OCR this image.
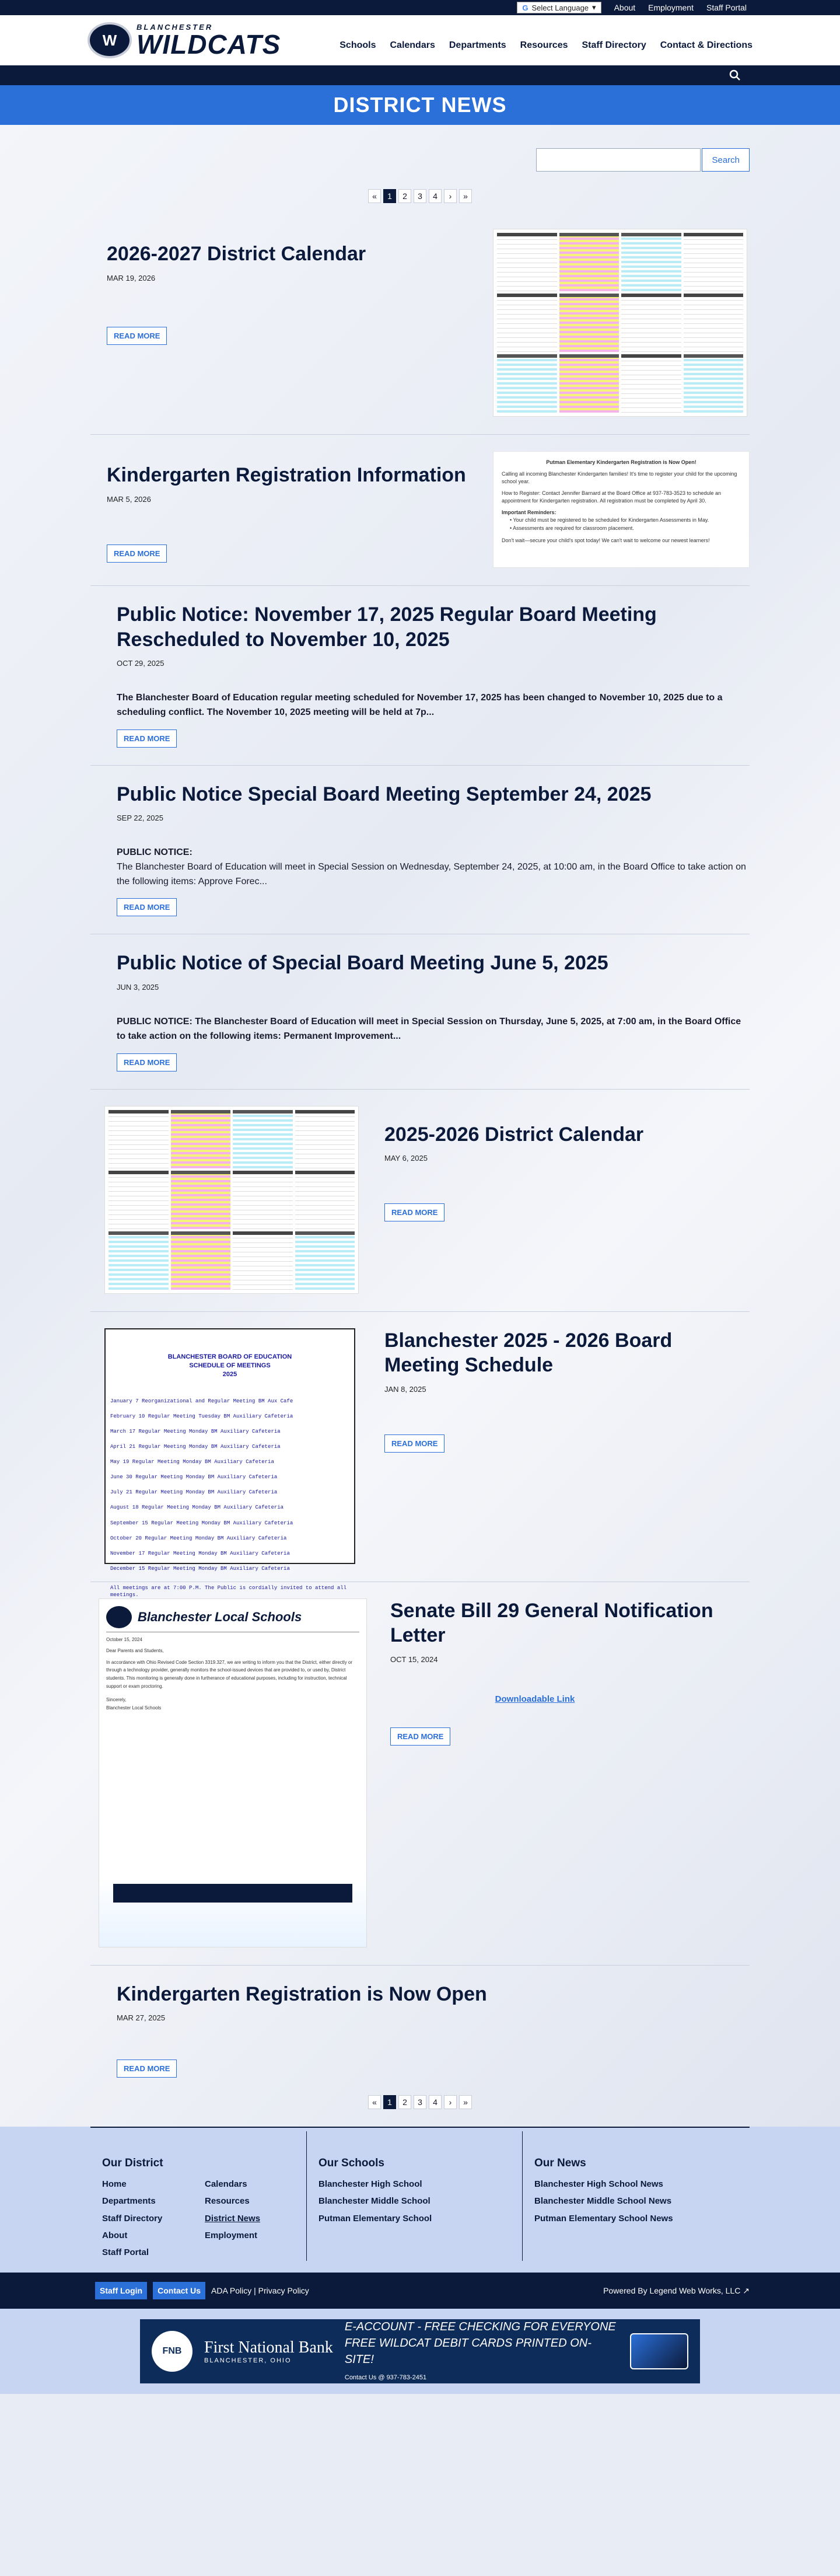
G Select Language ▾ About Employment Staff Portal
W
BLANCHESTER
WILDCATS	Schools Calendars Departments Resources Staff Directory Contact & Directions
DISTRICT NEWS
Search
«	1	2	3	4	›	»
2026-2027 District Calendar
MAR 19, 2026
READ MORE
Kindergarten Registration Information
MAR 5, 2026
READ MORE
Putman Elementary Kindergarten Registration is Now Open!
Calling all incoming Blanchester Kindergarten families! It's time to register your child for the upcoming school year.
How to Register: Contact Jennifer Barnard at the Board Office at 937-783-3523 to schedule an appointment for Kindergarten registration. All registration must be completed by April 30.
Important Reminders:
• Your child must be registered to be scheduled for Kindergarten Assessments in May.
• Assessments are required for classroom placement.
Don't wait—secure your child's spot today! We can't wait to welcome our newest learners!
Public Notice: November 17, 2025 Regular Board Meeting Rescheduled to November 10, 2025
OCT 29, 2025
The Blanchester Board of Education regular meeting scheduled for November 17, 2025 has been changed to November 10, 2025 due to a scheduling conflict. The November 10, 2025 meeting will be held at 7p...
READ MORE
Public Notice Special Board Meeting September 24, 2025
SEP 22, 2025
PUBLIC NOTICE:
The Blanchester Board of Education will meet in Special Session on Wednesday, September 24, 2025, at 10:00 am, in the Board Office to take action on the following items: Approve Forec...
READ MORE
Public Notice of Special Board Meeting June 5, 2025
JUN 3, 2025
PUBLIC NOTICE: The Blanchester Board of Education will meet in Special Session on Thursday, June 5, 2025, at 7:00 am, in the Board Office to take action on the following items: Permanent Improvement...
READ MORE
2025-2026 District Calendar
MAY 6, 2025
READ MORE
BLANCHESTER BOARD OF EDUCATION
SCHEDULE OF MEETINGS
2025
January 7 Reorganizational and Regular Meeting BM Aux Cafe
February 10 Regular Meeting Tuesday BM Auxiliary Cafeteria
March 17 Regular Meeting Monday BM Auxiliary Cafeteria
April 21 Regular Meeting Monday BM Auxiliary Cafeteria
May 19 Regular Meeting Monday BM Auxiliary Cafeteria
June 30 Regular Meeting Monday BM Auxiliary Cafeteria
July 21 Regular Meeting Monday BM Auxiliary Cafeteria
August 18 Regular Meeting Monday BM Auxiliary Cafeteria
September 15 Regular Meeting Monday BM Auxiliary Cafeteria
October 20 Regular Meeting Monday BM Auxiliary Cafeteria
November 17 Regular Meeting Monday BM Auxiliary Cafeteria
December 15 Regular Meeting Monday BM Auxiliary Cafeteria
All meetings are at 7:00 P.M. The Public is cordially invited to attend all meetings.
Blanchester 2025 - 2026 Board Meeting Schedule
JAN 8, 2025
READ MORE
Blanchester Local Schools
October 15, 2024
Dear Parents and Students,
In accordance with Ohio Revised Code Section 3319.327, we are writing to inform you that the District, either directly or through a technology provider, generally monitors the school-issued devices that are provided to, or used by, District students. This monitoring is generally done in furtherance of educational purposes, including for instruction, technical support or exam proctoring.
Sincerely,
Blanchester Local Schools
Senate Bill 29 General Notification Letter
OCT 15, 2024
Downloadable Link
READ MORE
Kindergarten Registration is Now Open
MAR 27, 2025
READ MORE
«	1	2	3	4	›	»
Our District
Home	Calendars
Departments	Resources
Staff Directory	District News
About	Employment
Staff Portal
Our Schools
Blanchester High School
Blanchester Middle School
Putman Elementary School
Our News
Blanchester High School News
Blanchester Middle School News
Putman Elementary School News
Staff Login	Contact Us	ADA Policy | Privacy Policy	Powered By Legend Web Works, LLC ↗
FNB	First National Bank
BLANCHESTER, OHIO
E-ACCOUNT - FREE CHECKING FOR EVERYONE
FREE WILDCAT DEBIT CARDS PRINTED ON-SITE!
Contact Us @ 937-783-2451
